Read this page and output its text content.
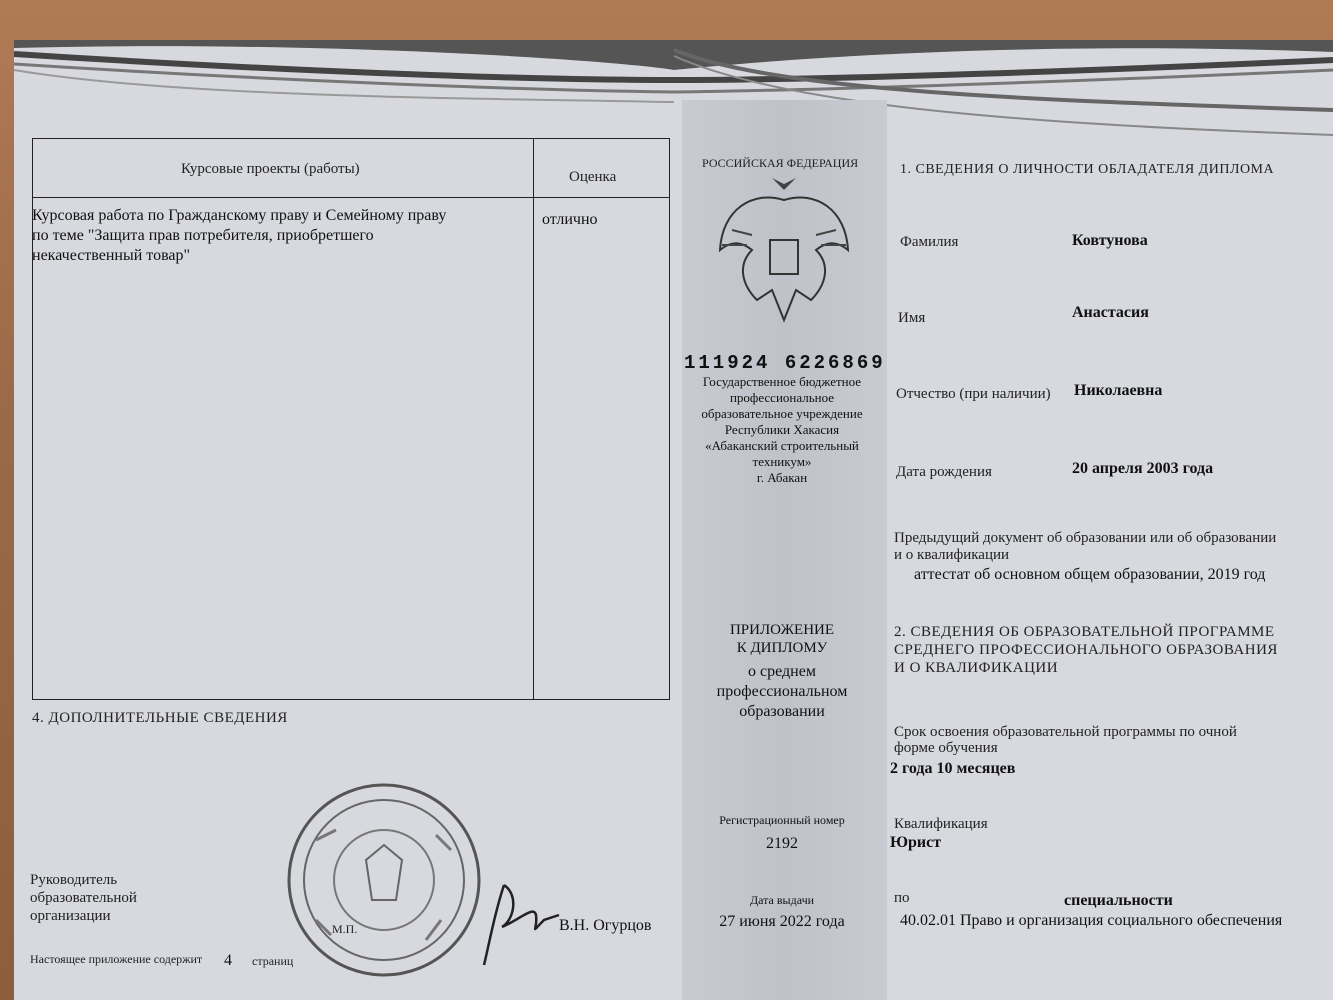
Курсовые проекты (работы)	Оценка
Курсовая работа по Гражданскому праву и Семейному праву
по теме "Защита прав потребителя, приобретшего
некачественный товар"
отлично
4. ДОПОЛНИТЕЛЬНЫЕ СВЕДЕНИЯ
Руководитель
образовательной
организации
М.П.	В.Н. Огурцов
Настоящее приложение содержит 4 страниц
РОССИЙСКАЯ ФЕДЕРАЦИЯ
111924 6226869
Государственное бюджетное
профессиональное
образовательное учреждение
Республики Хакасия
«Абаканский строительный
техникум»
г. Абакан
ПРИЛОЖЕНИЕ
К ДИПЛОМУ
о среднем
профессиональном
образовании
Регистрационный номер
2192
Дата выдачи
27 июня 2022 года
1. СВЕДЕНИЯ О ЛИЧНОСТИ ОБЛАДАТЕЛЯ ДИПЛОМА
Фамилия	Ковтунова
Имя	Анастасия
Отчество (при наличии) Николаевна
Дата рождения	20 апреля 2003 года
Предыдущий документ об образовании или об образовании
и о квалификации
аттестат об основном общем образовании, 2019 год
2. СВЕДЕНИЯ ОБ ОБРАЗОВАТЕЛЬНОЙ ПРОГРАММЕ
СРЕДНЕГО ПРОФЕССИОНАЛЬНОГО ОБРАЗОВАНИЯ
И О КВАЛИФИКАЦИИ
Срок освоения образовательной программы по очной
форме обучения
2 года 10 месяцев
Квалификация
Юрист
по	специальности
40.02.01 Право и организация социального обеспечения
